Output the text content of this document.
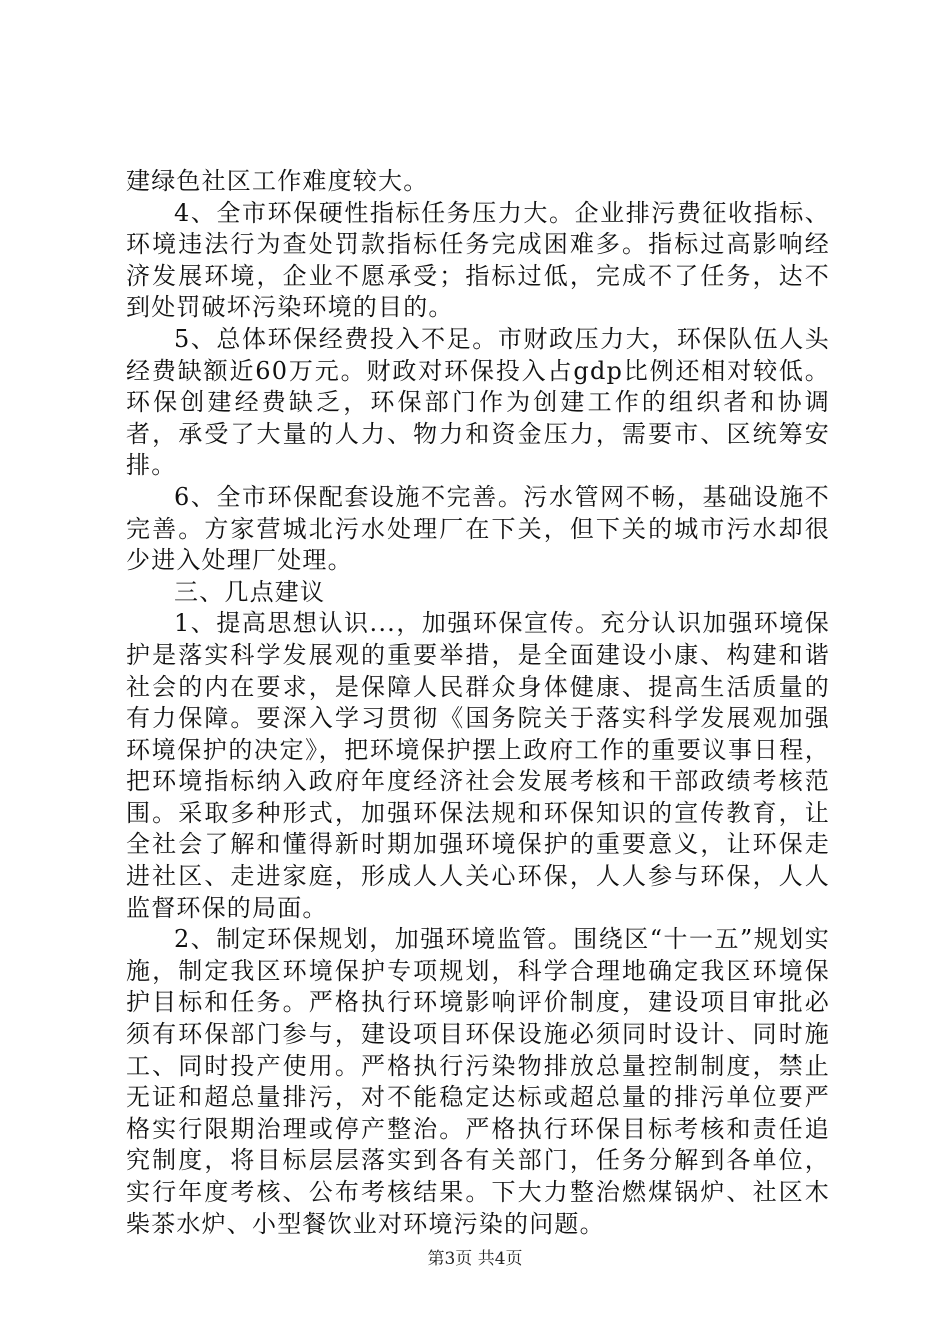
建绿色社区工作难度较大。

4、全市环保硬性指标任务压力大。企业排污费征收指标、环境违法行为查处罚款指标任务完成困难多。指标过高影响经济发展环境，企业不愿承受；指标过低，完成不了任务，达不到处罚破坏污染环境的目的。

5、总体环保经费投入不足。市财政压力大，环保队伍人头经费缺额近60万元。财政对环保投入占gdp比例还相对较低。环保创建经费缺乏，环保部门作为创建工作的组织者和协调者，承受了大量的人力、物力和资金压力，需要市、区统筹安排。

6、全市环保配套设施不完善。污水管网不畅，基础设施不完善。方家营城北污水处理厂在下关，但下关的城市污水却很少进入处理厂处理。

三、几点建议

1、提高思想认识...，加强环保宣传。充分认识加强环境保护是落实科学发展观的重要举措，是全面建设小康、构建和谐社会的内在要求，是保障人民群众身体健康、提高生活质量的有力保障。要深入学习贯彻《国务院关于落实科学发展观加强环境保护的决定》，把环境保护摆上政府工作的重要议事日程，把环境指标纳入政府年度经济社会发展考核和干部政绩考核范围。采取多种形式，加强环保法规和环保知识的宣传教育，让全社会了解和懂得新时期加强环境保护的重要意义，让环保走进社区、走进家庭，形成人人关心环保，人人参与环保，人人监督环保的局面。

2、制定环保规划，加强环境监管。围绕区“十一五”规划实施，制定我区环境保护专项规划，科学合理地确定我区环境保护目标和任务。严格执行环境影响评价制度，建设项目审批必须有环保部门参与，建设项目环保设施必须同时设计、同时施工、同时投产使用。严格执行污染物排放总量控制制度，禁止无证和超总量排污，对不能稳定达标或超总量的排污单位要严格实行限期治理或停产整治。严格执行环保目标考核和责任追究制度，将目标层层落实到各有关部门，任务分解到各单位，实行年度考核、公布考核结果。下大力整治燃煤锅炉、社区木柴茶水炉、小型餐饮业对环境污染的问题。

第3页 共4页
